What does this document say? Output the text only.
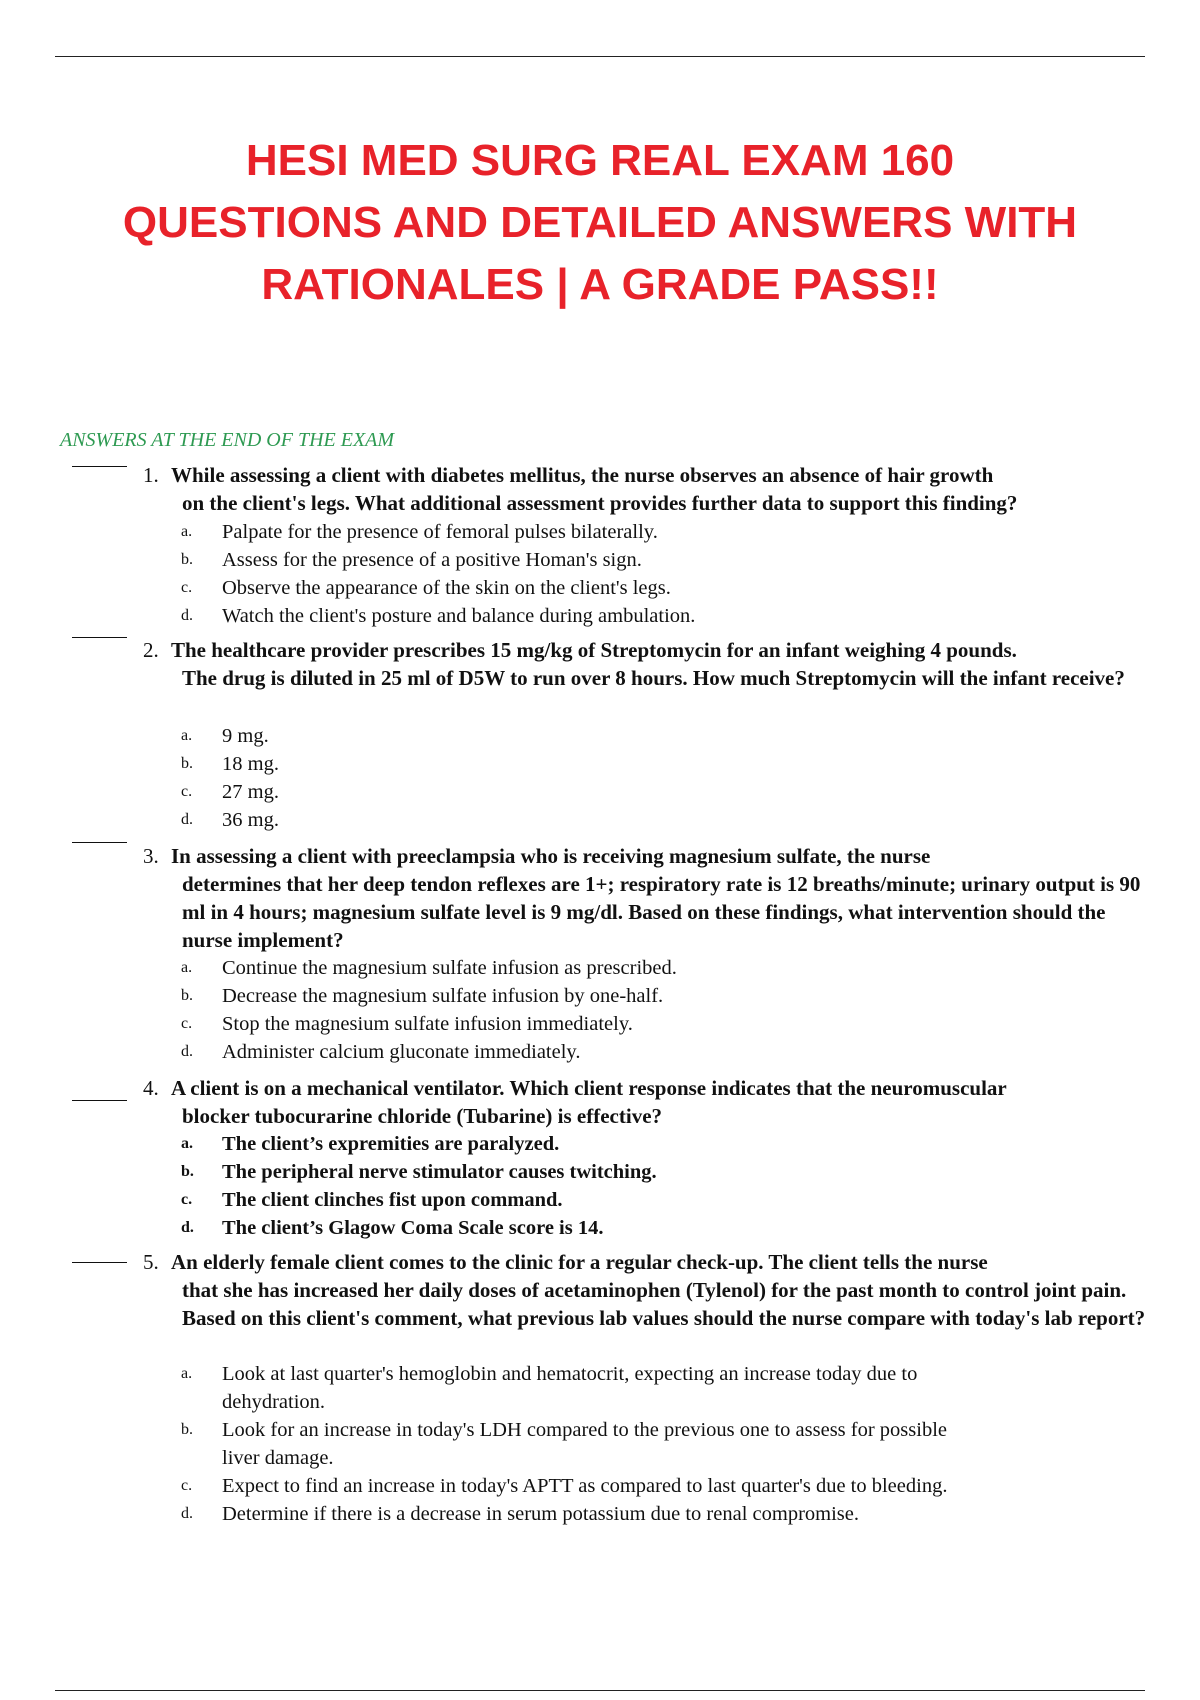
HESI MED SURG REAL EXAM 160
QUESTIONS AND DETAILED ANSWERS WITH
RATIONALES | A GRADE PASS!!
ANSWERS AT THE END OF THE EXAM
1. While assessing a client with diabetes mellitus, the nurse observes an absence of hair growth
on the client's legs. What additional assessment provides further data to support this finding?
a.	Palpate for the presence of femoral pulses bilaterally.
b.	Assess for the presence of a positive Homan's sign.
c.	Observe the appearance of the skin on the client's legs.
d.	Watch the client's posture and balance during ambulation.
2. The healthcare provider prescribes 15 mg/kg of Streptomycin for an infant weighing 4 pounds.
The drug is diluted in 25 ml of D5W to run over 8 hours. How much Streptomycin will the infant receive?
a.	9 mg.
b.	18 mg.
c.	27 mg.
d.	36 mg.
3. In assessing a client with preeclampsia who is receiving magnesium sulfate, the nurse
determines that her deep tendon reflexes are 1+; respiratory rate is 12 breaths/minute; urinary output is 90 ml in 4 hours; magnesium sulfate level is 9 mg/dl. Based on these findings, what intervention should the nurse implement?
a.	Continue the magnesium sulfate infusion as prescribed.
b.	Decrease the magnesium sulfate infusion by one-half.
c.	Stop the magnesium sulfate infusion immediately.
d.	Administer calcium gluconate immediately.
4. A client is on a mechanical ventilator. Which client response indicates that the neuromuscular
blocker tubocurarine chloride (Tubarine) is effective?
a.	The client’s expremities are paralyzed.
b.	The peripheral nerve stimulator causes twitching.
c.	The client clinches fist upon command.
d.	The client’s Glagow Coma Scale score is 14.
5. An elderly female client comes to the clinic for a regular check-up. The client tells the nurse
that she has increased her daily doses of acetaminophen (Tylenol) for the past month to control joint pain. Based on this client's comment, what previous lab values should the nurse compare with today's lab report?
a.	Look at last quarter's hemoglobin and hematocrit, expecting an increase today due to dehydration.
b.	Look for an increase in today's LDH compared to the previous one to assess for possible liver damage.
c.	Expect to find an increase in today's APTT as compared to last quarter's due to bleeding.
d.	Determine if there is a decrease in serum potassium due to renal compromise.
